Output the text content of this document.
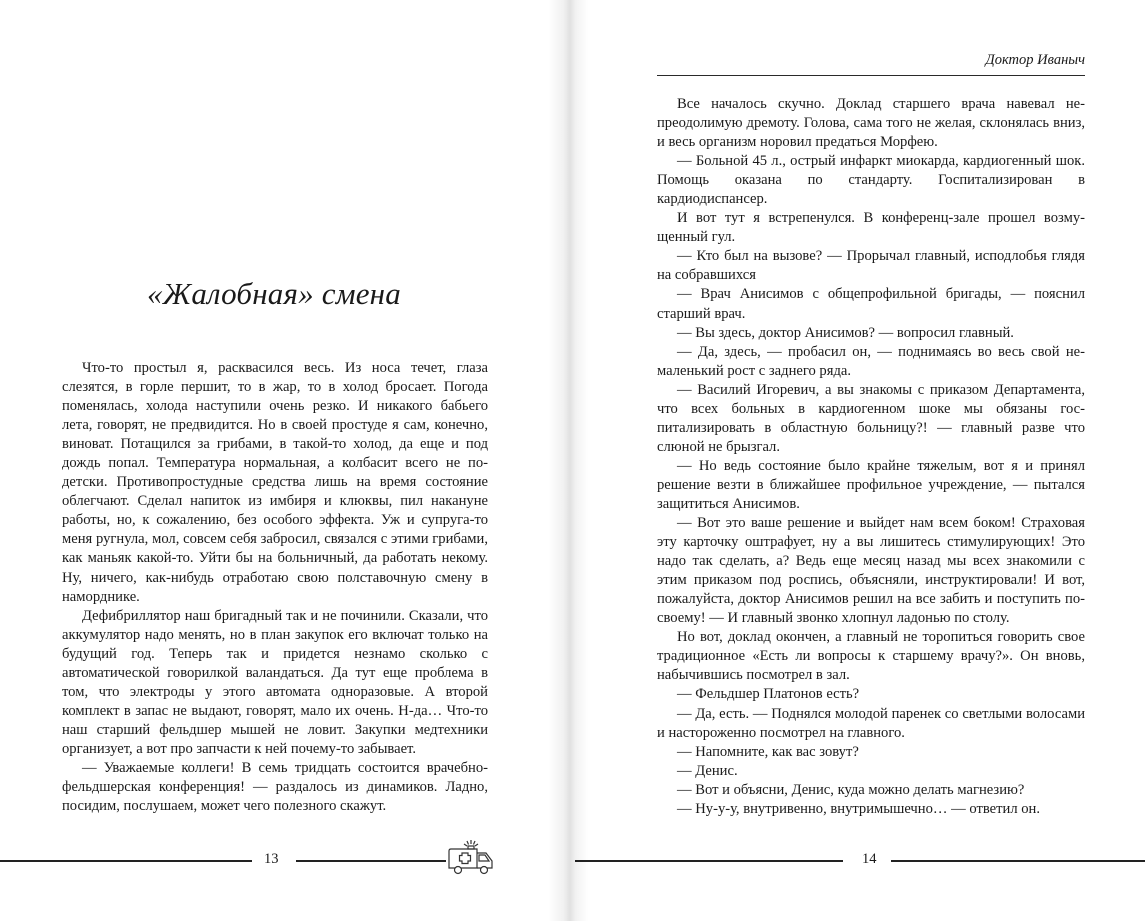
«Жалобная» смена

Что-то простыл я, расквасился весь. Из носа течет, глаза слезятся, в горле першит, то в жар, то в холод бросает. Погода поменялась, холода наступили очень резко. И никакого бабьего лета, говорят, не предвидится. Но в своей простуде я сам, конечно, виноват. Потащился за грибами, в такой-то холод, да еще и под дождь попал. Температура нормальная, а колбасит всего не по-детски. Противопростудные средства лишь на время состояние облегчают. Сделал напиток из имбиря и клюквы, пил накануне работы, но, к сожалению, без особого эффекта. Уж и супруга-то меня ругнула, мол, совсем себя забросил, связался с этими грибами, как маньяк какой-то. Уйти бы на больничный, да работать некому. Ну, ничего, как-нибудь отработаю свою полставочную смену в наморднике.

Дефибриллятор наш бригадный так и не починили. Сказали, что аккумулятор надо менять, но в план закупок его включат только на будущий год. Теперь так и придется незнамо сколько с автоматической говорилкой валандаться. Да тут еще проблема в том, что электроды у этого автомата одноразовые. А второй комплект в запас не выдают, говорят, мало их очень. Н-да… Что-то наш старший фельдшер мышей не ловит. Закупки медтехники организует, а вот про запчасти к ней почему-то забывает.

— Уважаемые коллеги! В семь тридцать состоится врачебно-фельдшерская конференция! — раздалось из динамиков. Ладно, посидим, послушаем, может чего полезного скажут.

13
Доктор Иваныч

Все началось скучно. Доклад старшего врача навевал непреодолимую дремоту. Голова, сама того не желая, склонялась вниз, и весь организм норовил предаться Морфею.

— Больной 45 л., острый инфаркт миокарда, кардиогенный шок. Помощь оказана по стандарту. Госпитализирован в кардиодиспансер.

И вот тут я встрепенулся. В конференц-зале прошел возмущенный гул.

— Кто был на вызове? — Прорычал главный, исподлобья глядя на собравшихся

— Врач Анисимов с общепрофильной бригады, — пояснил старший врач.

— Вы здесь, доктор Анисимов? — вопросил главный.

— Да, здесь, — пробасил он, — поднимаясь во весь свой немаленький рост с заднего ряда.

— Василий Игоревич, а вы знакомы с приказом Департамента, что всех больных в кардиогенном шоке мы обязаны госпитализировать в областную больницу?! — главный разве что слюной не брызгал.

— Но ведь состояние было крайне тяжелым, вот я и принял решение везти в ближайшее профильное учреждение, — пытался защититься Анисимов.

— Вот это ваше решение и выйдет нам всем боком! Страховая эту карточку оштрафует, ну а вы лишитесь стимулирующих! Это надо так сделать, а? Ведь еще месяц назад мы всех знакомили с этим приказом под роспись, объясняли, инструктировали! И вот, пожалуйста, доктор Анисимов решил на все забить и поступить по-своему! — И главный звонко хлопнул ладонью по столу.

Но вот, доклад окончен, а главный не торопиться говорить свое традиционное «Есть ли вопросы к старшему врачу?». Он вновь, набычившись посмотрел в зал.

— Фельдшер Платонов есть?

— Да, есть. — Поднялся молодой паренек со светлыми волосами и настороженно посмотрел на главного.

— Напомните, как вас зовут?

— Денис.

— Вот и объясни, Денис, куда можно делать магнезию?

— Ну-у-у, внутривенно, внутримышечно… — ответил он.

14
